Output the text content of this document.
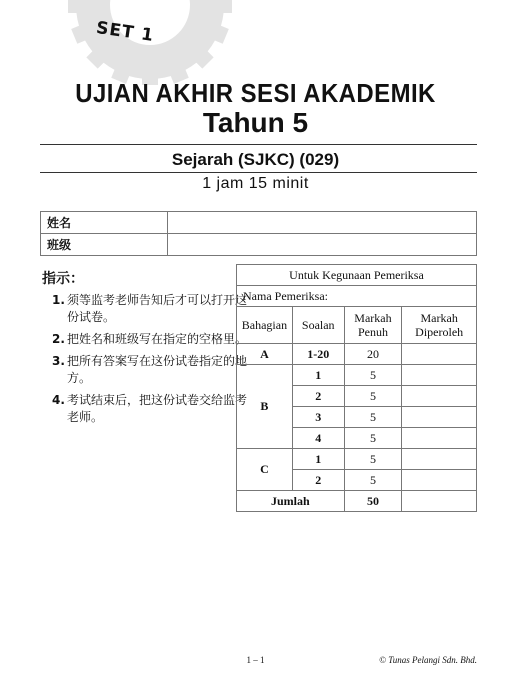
SET 1
UJIAN AKHIR SESI AKADEMIK
Tahun 5
Sejarah (SJKC) (029)
1 jam 15 minit
姓名	
班级	
指示：
1. 须等监考老师告知后才可以打开这份试卷。
2. 把姓名和班级写在指定的空格里。
3. 把所有答案写在这份试卷指定的地方。
4. 考试结束后，把这份试卷交给监考老师。
Untuk Kegunaan Pemeriksa			
Nama Pemeriksa:			
Bahagian	Soalan	Markah Penuh	Markah Diperoleh
A	1-20	20	
B	1	5	
	2	5	
	3	5	
	4	5	
C	1	5	
	2	5	
Jumlah		50	
1 – 1	© Tunas Pelangi Sdn. Bhd.
